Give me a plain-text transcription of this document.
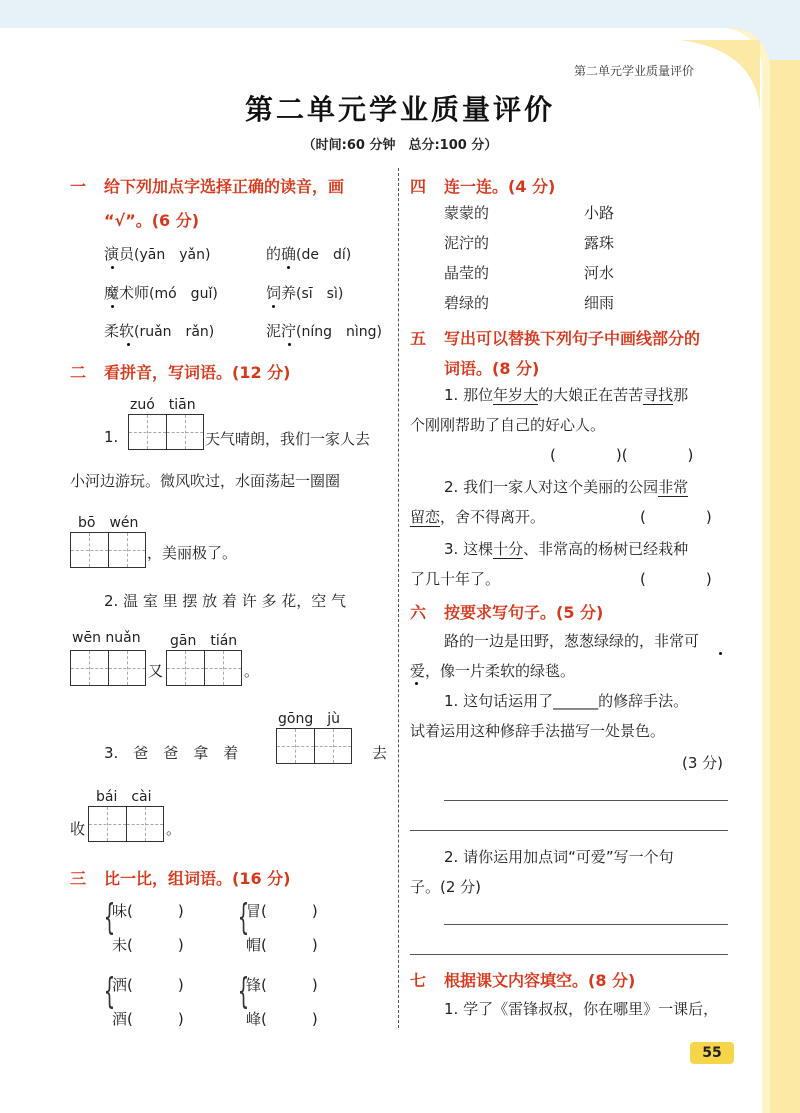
第二单元学业质量评价
第二单元学业质量评价
（时间:60 分钟　总分:100 分）
一 给下列加点字选择正确的读音，画
“√”。(6 分)
演员(yān　yǎn)	的确(de　dí)
魔术师(mó　guǐ)	饲养(sī　sì)
柔软(ruǎn　rǎn)	泥泞(níng　nìng)
二 看拼音，写词语。(12 分)
zuó　tiān
1.	天气晴朗，我们一家人去
小河边游玩。微风吹过，水面荡起一圈圈
bō　wén
，美丽极了。
2. 温 室 里 摆 放 着 许 多 花，空 气
wēn nuǎn gān　tián
又	。
gōng　jù
3.　爸　爸　拿　着	去
bái　cài
收	。
三 比一比，组词语。(16 分)
{
味(　　　)
未(　　　)
{
冒(　　　)
帽(　　　)
{
洒(　　　)
酒(　　　)
{
锋(　　　)
峰(　　　)
四 连一连。(4 分)
蒙蒙的	小路
泥泞的	露珠
晶莹的	河水
碧绿的	细雨
五 写出可以替换下列句子中画线部分的
词语。(8 分)
1. 那位年岁大的大娘正在苦苦寻找那
个刚刚帮助了自己的好心人。
(　　　　)(　　　　)
2. 我们一家人对这个美丽的公园非常
留恋，舍不得离开。	(　　　　)
3. 这棵十分、非常高的杨树已经栽种
了几十年了。	(　　　　)
六 按要求写句子。(5 分)
路的一边是田野，葱葱绿绿的，非常可
爱，像一片柔软的绿毯。
1. 这句话运用了______的修辞手法。
试着运用这种修辞手法描写一处景色。
(3 分)
2. 请你运用加点词“可爱”写一个句
子。(2 分)
七 根据课文内容填空。(8 分)
1. 学了《雷锋叔叔，你在哪里》一课后，
55
